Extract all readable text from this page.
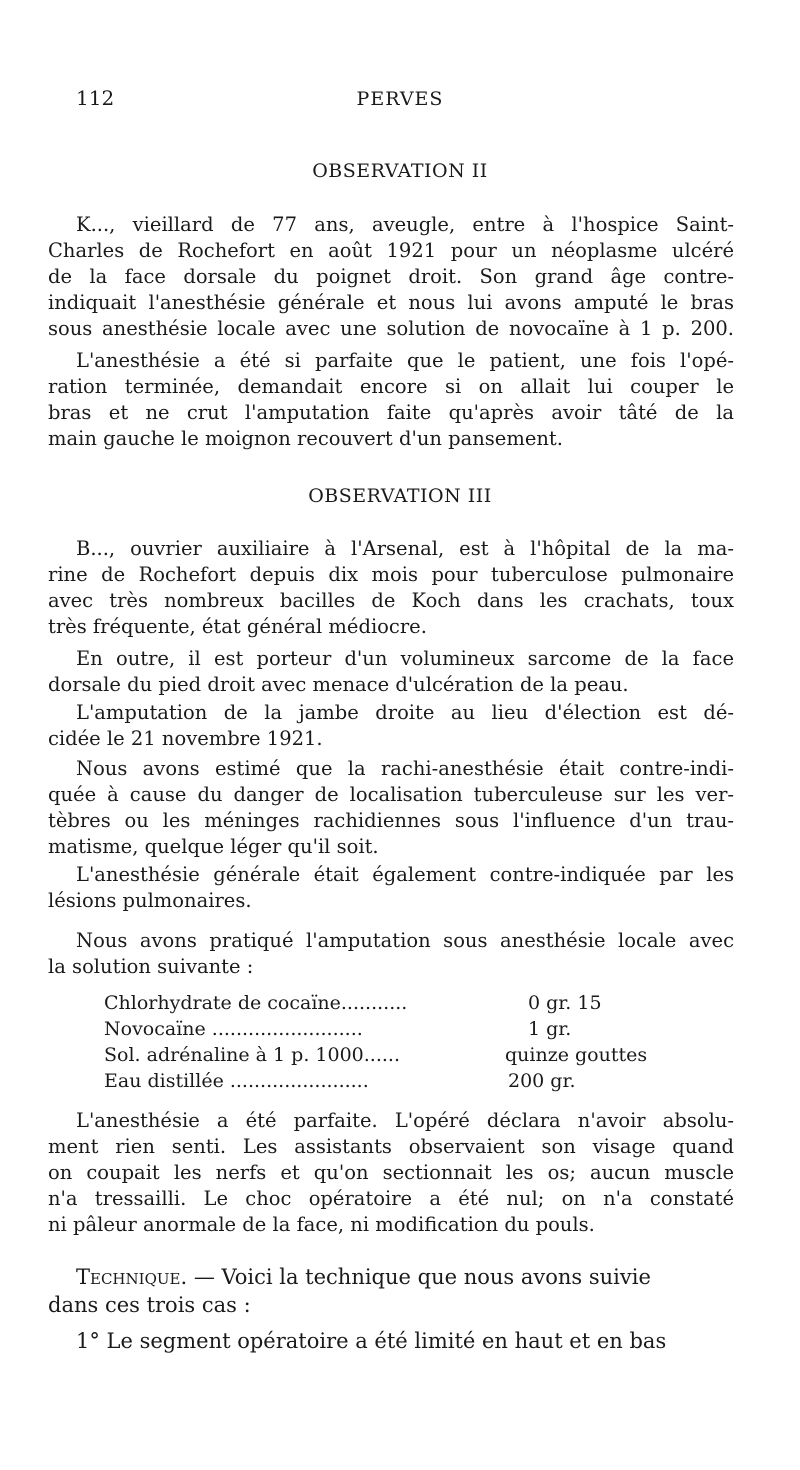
112	PERVES
OBSERVATION II
K..., vieillard de 77 ans, aveugle, entre à l'hospice Saint-
Charles de Rochefort en août 1921 pour un néoplasme ulcéré
de la face dorsale du poignet droit. Son grand âge contre-
indiquait l'anesthésie générale et nous lui avons amputé le bras
sous anesthésie locale avec une solution de novocaïne à 1 p. 200.
L'anesthésie a été si parfaite que le patient, une fois l'opé-
ration terminée, demandait encore si on allait lui couper le
bras et ne crut l'amputation faite qu'après avoir tâté de la
main gauche le moignon recouvert d'un pansement.
OBSERVATION III
B..., ouvrier auxiliaire à l'Arsenal, est à l'hôpital de la ma-
rine de Rochefort depuis dix mois pour tuberculose pulmonaire
avec très nombreux bacilles de Koch dans les crachats, toux
très fréquente, état général médiocre.
En outre, il est porteur d'un volumineux sarcome de la face
dorsale du pied droit avec menace d'ulcération de la peau.
L'amputation de la jambe droite au lieu d'élection est dé-
cidée le 21 novembre 1921.
Nous avons estimé que la rachi-anesthésie était contre-indi-
quée à cause du danger de localisation tuberculeuse sur les ver-
tèbres ou les méninges rachidiennes sous l'influence d'un trau-
matisme, quelque léger qu'il soit.
L'anesthésie générale était également contre-indiquée par les
lésions pulmonaires.
Nous avons pratiqué l'amputation sous anesthésie locale avec
la solution suivante :
Chlorhydrate de cocaïne...........	0 gr. 15
Novocaïne .........................	1 gr.
Sol. adrénaline à 1 p. 1000......	quinze gouttes
Eau distillée .......................	200 gr.
L'anesthésie a été parfaite. L'opéré déclara n'avoir absolu-
ment rien senti. Les assistants observaient son visage quand
on coupait les nerfs et qu'on sectionnait les os; aucun muscle
n'a tressailli. Le choc opératoire a été nul; on n'a constaté
ni pâleur anormale de la face, ni modification du pouls.
Technique. — Voici la technique que nous avons suivie
dans ces trois cas :
1° Le segment opératoire a été limité en haut et en bas
